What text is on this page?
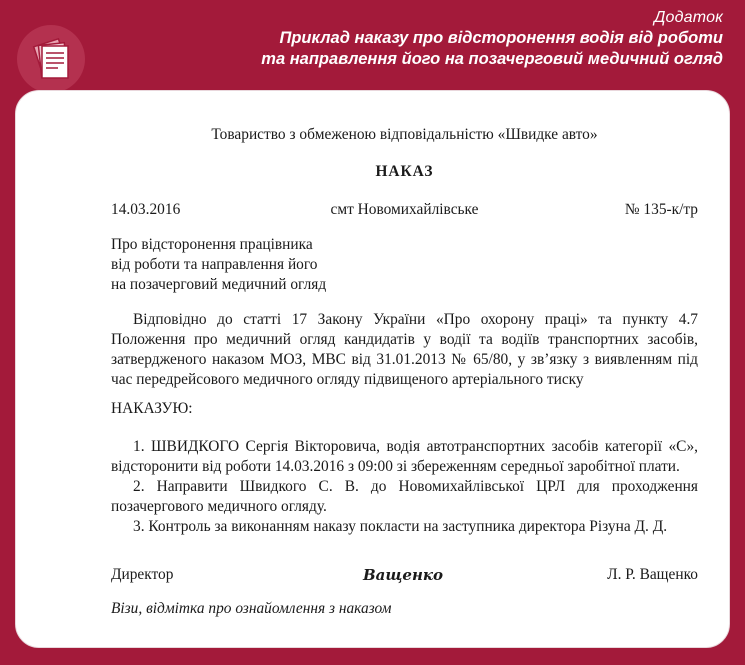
Додаток
Приклад наказу про відсторонення водія від роботи
та направлення його на позачерговий медичний огляд
Товариство з обмеженою відповідальністю «Швидке авто»
НАКАЗ
смт Новомихайлівське
14.03.2016	№ 135-к/тр
Про відсторонення працівника
від роботи та направлення його
на позачерговий медичний огляд
Відповідно до статті 17 Закону України «Про охорону праці» та пункту 4.7 Положення про медичний огляд кандидатів у водії та водіїв транспортних засобів, затвердженого наказом МОЗ, МВС від 31.01.2013 № 65/80, у зв’язку з виявленням під час передрейсового медичного огляду підвищеного артеріального тиску
НАКАЗУЮ:

1. ШВИДКОГО Сергія Вікторовича, водія автотранспортних засобів категорії «С», відсторонити від роботи 14.03.2016 з 09:00 зі збереженням середньої заробітної плати.

2. Направити Швидкого С. В. до Новомихайлівської ЦРЛ для проходження позачергового медичного огляду.

3. Контроль за виконанням наказу покласти на заступника директора Різуна Д. Д.

Директор	Ващенко	Л. Р. Ващенко
Візи, відмітка про ознайомлення з наказом
